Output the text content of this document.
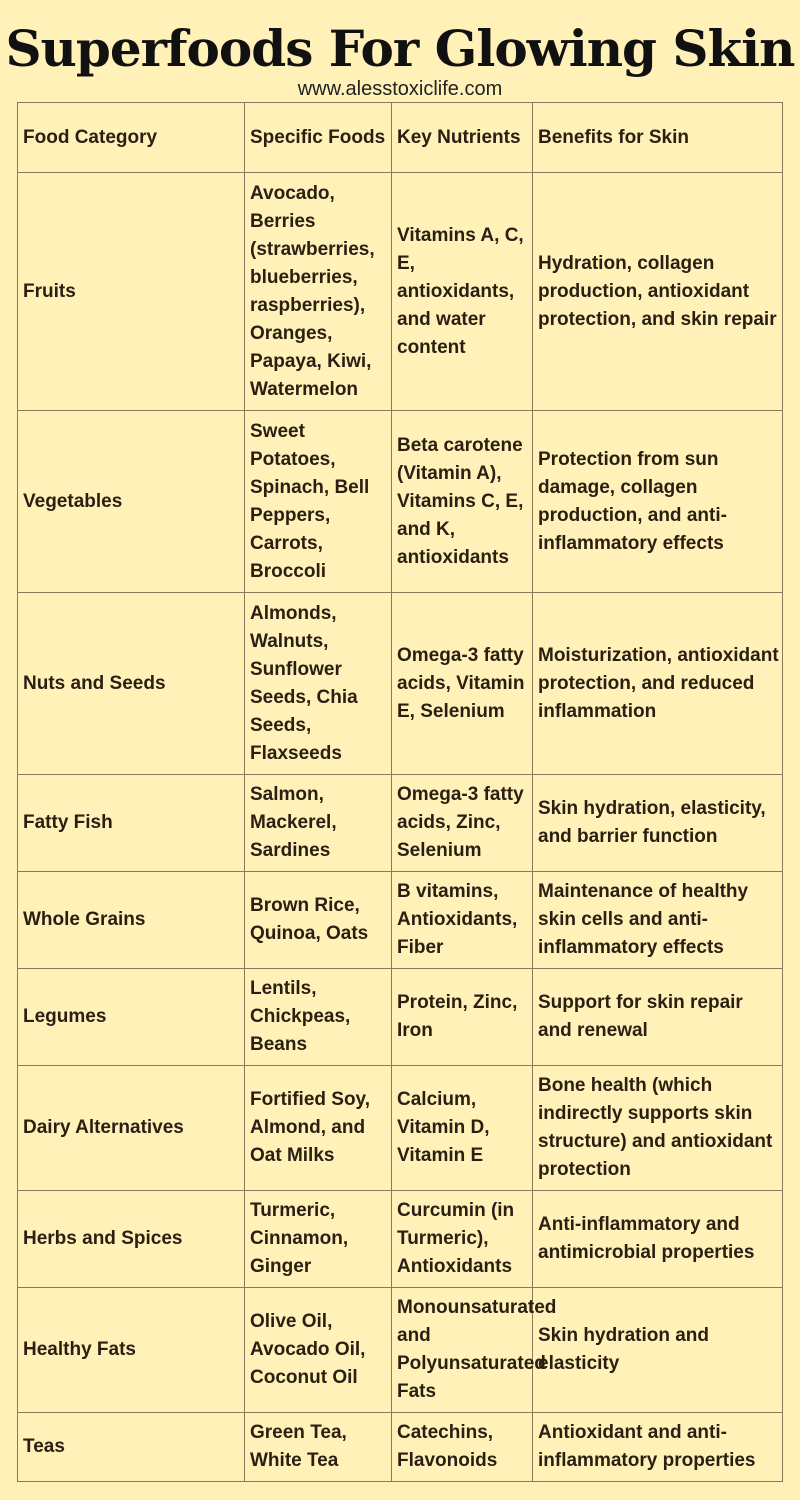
Superfoods For Glowing Skin
www.alesstoxiclife.com
Food Category	Specific Foods	Key Nutrients	Benefits for Skin
Fruits	Avocado, Berries (strawberries, blueberries, raspberries), Oranges, Papaya, Kiwi, Watermelon	Vitamins A, C, E, antioxidants, and water content	Hydration, collagen production, antioxidant protection, and skin repair
Vegetables	Sweet Potatoes, Spinach, Bell Peppers, Carrots, Broccoli	Beta carotene (Vitamin A), Vitamins C, E, and K, antioxidants	Protection from sun damage, collagen production, and anti-inflammatory effects
Nuts and Seeds	Almonds, Walnuts, Sunflower Seeds, Chia Seeds, Flaxseeds	Omega-3 fatty acids, Vitamin E, Selenium	Moisturization, antioxidant protection, and reduced inflammation
Fatty Fish	Salmon, Mackerel, Sardines	Omega-3 fatty acids, Zinc, Selenium	Skin hydration, elasticity, and barrier function
Whole Grains	Brown Rice, Quinoa, Oats	B vitamins, Antioxidants, Fiber	Maintenance of healthy skin cells and anti-inflammatory effects
Legumes	Lentils, Chickpeas, Beans	Protein, Zinc, Iron	Support for skin repair and renewal
Dairy Alternatives	Fortified Soy, Almond, and Oat Milks	Calcium, Vitamin D, Vitamin E	Bone health (which indirectly supports skin structure) and antioxidant protection
Herbs and Spices	Turmeric, Cinnamon, Ginger	Curcumin (in Turmeric), Antioxidants	Anti-inflammatory and antimicrobial properties
Healthy Fats	Olive Oil, Avocado Oil, Coconut Oil	Monounsaturated and Polyunsaturated Fats	Skin hydration and elasticity
Teas	Green Tea, White Tea	Catechins, Flavonoids	Antioxidant and anti-inflammatory properties
